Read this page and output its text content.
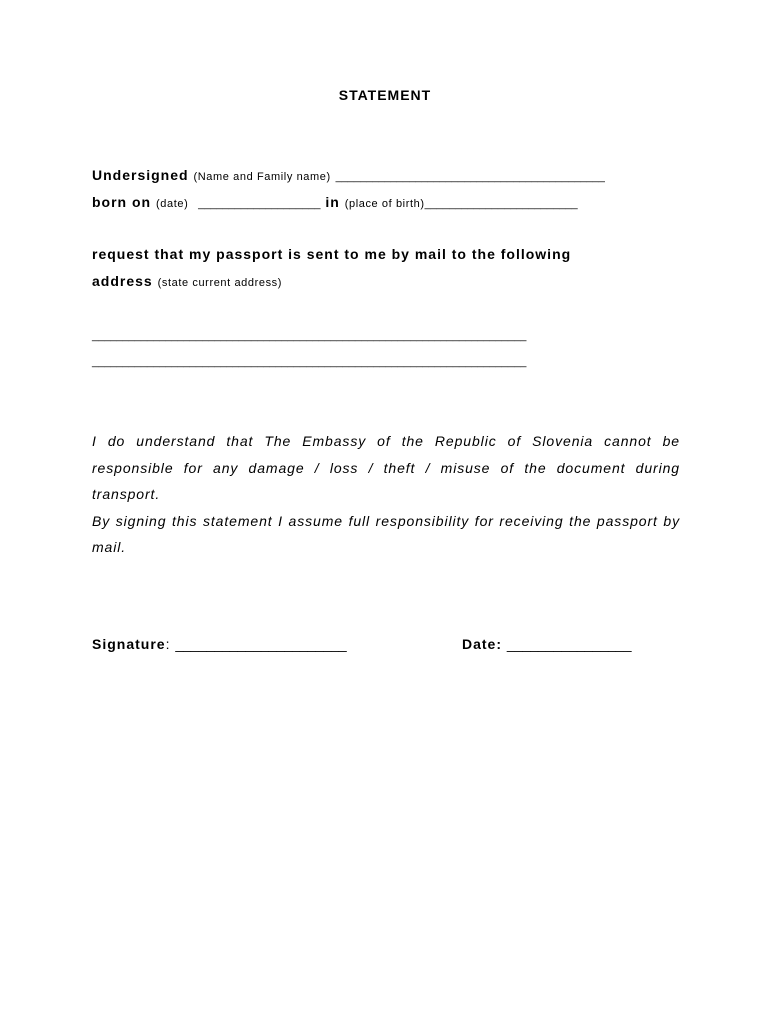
STATEMENT
Undersigned (Name and Family name) ____________________________________________
born on (date) ____________________ in (place of birth)_________________________
request that my passport is sent to me by mail to the following
address (state current address)
_______________________________________________________________________
_______________________________________________________________________

I do understand that The Embassy of the Republic of Slovenia cannot be responsible for any damage / loss / theft / misuse of the document during transport.

By signing this statement I assume full responsibility for receiving the passport by mail.

Signature: ______________________	Date: ________________
